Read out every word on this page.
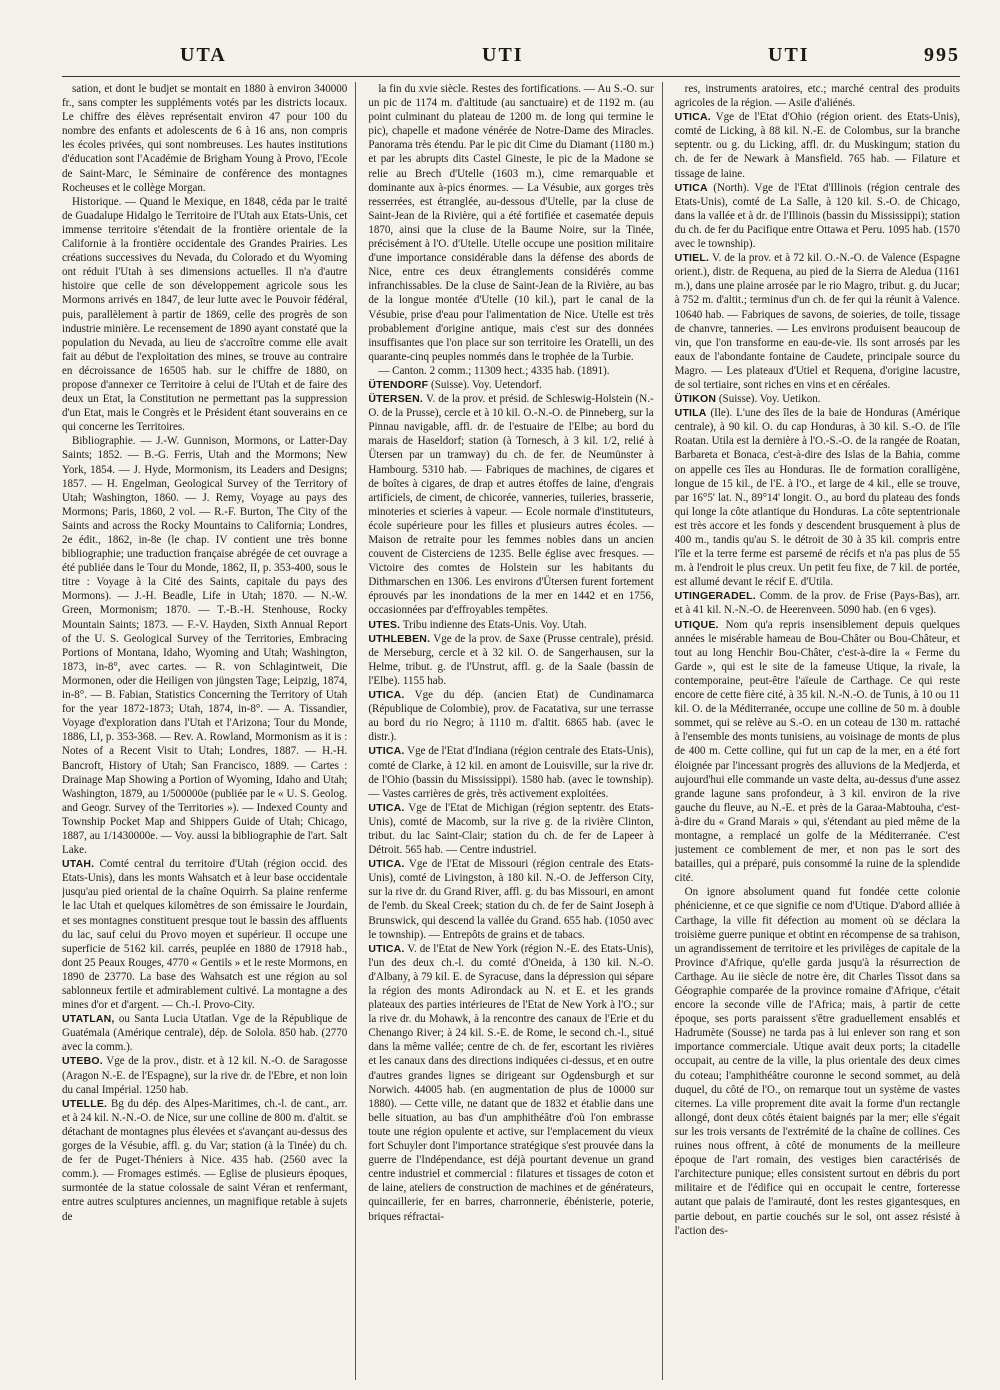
UTA	UTI	UTI	995

sation, et dont le budjet se montait en 1880 à environ 340000 fr., sans compter les suppléments votés par les districts locaux. Le chiffre des élèves représentait environ 47 pour 100 du nombre des enfants et adolescents de 6 à 16 ans, non compris les écoles privées, qui sont nombreuses. Les hautes institutions d'éducation sont l'Académie de Brigham Young à Provo, l'Ecole de Saint-Marc, le Séminaire de conférence des montagnes Rocheuses et le collège Morgan.

Historique. — Quand le Mexique, en 1848, céda par le traité de Guadalupe Hidalgo le Territoire de l'Utah aux Etats-Unis, cet immense territoire s'étendait de la frontière orientale de la Californie à la frontière occidentale des Grandes Prairies. Les créations successives du Nevada, du Colorado et du Wyoming ont réduit l'Utah à ses dimensions actuelles. Il n'a d'autre histoire que celle de son développement agricole sous les Mormons arrivés en 1847, de leur lutte avec le Pouvoir fédéral, puis, parallèlement à partir de 1869, celle des progrès de son industrie minière. Le recensement de 1890 ayant constaté que la population du Nevada, au lieu de s'accroître comme elle avait fait au début de l'exploitation des mines, se trouve au contraire en décroissance de 16505 hab. sur le chiffre de 1880, on propose d'annexer ce Territoire à celui de l'Utah et de faire des deux un Etat, la Constitution ne permettant pas la suppression d'un Etat, mais le Congrès et le Président étant souverains en ce qui concerne les Territoires.

Bibliographie. — J.-W. Gunnison, Mormons, or Latter-Day Saints; 1852. — B.-G. Ferris, Utah and the Mormons; New York, 1854. — J. Hyde, Mormonism, its Leaders and Designs; 1857. — H. Engelman, Geological Survey of the Territory of Utah; Washington, 1860. — J. Remy, Voyage au pays des Mormons; Paris, 1860, 2 vol. — R.-F. Burton, The City of the Saints and across the Rocky Mountains to California; Londres, 2e édit., 1862, in-8e (le chap. IV contient une très bonne bibliographie; une traduction française abrégée de cet ouvrage a été publiée dans le Tour du Monde, 1862, II, p. 353-400, sous le titre : Voyage à la Cité des Saints, capitale du pays des Mormons). — J.-H. Beadle, Life in Utah; 1870. — N.-W. Green, Mormonism; 1870. — T.-B.-H. Stenhouse, Rocky Mountain Saints; 1873. — F.-V. Hayden, Sixth Annual Report of the U. S. Geological Survey of the Territories, Embracing Portions of Montana, Idaho, Wyoming and Utah; Washington, 1873, in-8°, avec cartes. — R. von Schlagintweit, Die Mormonen, oder die Heiligen von jüngsten Tage; Leipzig, 1874, in-8°. — B. Fabian, Statistics Concerning the Territory of Utah for the year 1872-1873; Utah, 1874, in-8°. — A. Tissandier, Voyage d'exploration dans l'Utah et l'Arizona; Tour du Monde, 1886, LI, p. 353-368. — Rev. A. Rowland, Mormonism as it is : Notes of a Recent Visit to Utah; Londres, 1887. — H.-H. Bancroft, History of Utah; San Francisco, 1889. — Cartes : Drainage Map Showing a Portion of Wyoming, Idaho and Utah; Washington, 1879, au 1/500000e (publiée par le « U. S. Geolog. and Geogr. Survey of the Territories »). — Indexed County and Township Pocket Map and Shippers Guide of Utah; Chicago, 1887, au 1/1430000e. — Voy. aussi la bibliographie de l'art. Salt Lake.

UTAH. Comté central du territoire d'Utah (région occid. des Etats-Unis), dans les monts Wahsatch et à leur base occidentale jusqu'au pied oriental de la chaîne Oquirrh. Sa plaine renferme le lac Utah et quelques kilomètres de son émissaire le Jourdain, et ses montagnes constituent presque tout le bassin des affluents du lac, sauf celui du Provo moyen et supérieur. Il occupe une superficie de 5162 kil. carrés, peuplée en 1880 de 17918 hab., dont 25 Peaux Rouges, 4770 « Gentils » et le reste Mormons, en 1890 de 23770. La base des Wahsatch est une région au sol sablonneux fertile et admirablement cultivé. La montagne a des mines d'or et d'argent. — Ch.-l. Provo-City.

UTATLAN, ou Santa Lucia Utatlan. Vge de la République de Guatémala (Amérique centrale), dép. de Solola. 850 hab. (2770 avec la comm.).

UTEBO. Vge de la prov., distr. et à 12 kil. N.-O. de Saragosse (Aragon N.-E. de l'Espagne), sur la rive dr. de l'Ebre, et non loin du canal Impérial. 1250 hab.

UTELLE. Bg du dép. des Alpes-Maritimes, ch.-l. de cant., arr. et à 24 kil. N.-N.-O. de Nice, sur une colline de 800 m. d'altit. se détachant de montagnes plus élevées et s'avançant au-dessus des gorges de la Vésubie, affl. g. du Var; station (à la Tinée) du ch. de fer de Puget-Théniers à Nice. 435 hab. (2560 avec la comm.). — Fromages estimés. — Eglise de plusieurs époques, surmontée de la statue colossale de saint Véran et renfermant, entre autres sculptures anciennes, un magnifique retable à sujets de

la fin du xvie siècle. Restes des fortifications. — Au S.-O. sur un pic de 1174 m. d'altitude (au sanctuaire) et de 1192 m. (au point culminant du plateau de 1200 m. de long qui termine le pic), chapelle et madone vénérée de Notre-Dame des Miracles. Panorama très étendu. Par le pic dit Cime du Diamant (1180 m.) et par les abrupts dits Castel Gineste, le pic de la Madone se relie au Brech d'Utelle (1603 m.), cime remarquable et dominante aux à-pics énormes. — La Vésubie, aux gorges très resserrées, est étranglée, au-dessous d'Utelle, par la cluse de Saint-Jean de la Rivière, qui a été fortifiée et casematée depuis 1870, ainsi que la cluse de la Baume Noire, sur la Tinée, précisément à l'O. d'Utelle. Utelle occupe une position militaire d'une importance considérable dans la défense des abords de Nice, entre ces deux étranglements considérés comme infranchissables. De la cluse de Saint-Jean de la Rivière, au bas de la longue montée d'Utelle (10 kil.), part le canal de la Vésubie, prise d'eau pour l'alimentation de Nice. Utelle est très probablement d'origine antique, mais c'est sur des données insuffisantes que l'on place sur son territoire les Oratelli, un des quarante-cinq peuples nommés dans le trophée de la Turbie.

— Canton. 2 comm.; 11309 hect.; 4335 hab. (1891).

ÜTENDORF (Suisse). Voy. Uetendorf.

ÜTERSEN. V. de la prov. et présid. de Schleswig-Holstein (N.-O. de la Prusse), cercle et à 10 kil. O.-N.-O. de Pinneberg, sur la Pinnau navigable, affl. dr. de l'estuaire de l'Elbe; au bord du marais de Haseldorf; station (à Tornesch, à 3 kil. 1/2, relié à Ütersen par un tramway) du ch. de fer. de Neumünster à Hambourg. 5310 hab. — Fabriques de machines, de cigares et de boîtes à cigares, de drap et autres étoffes de laine, d'engrais artificiels, de ciment, de chicorée, vanneries, tuileries, brasserie, minoteries et scieries à vapeur. — Ecole normale d'instituteurs, école supérieure pour les filles et plusieurs autres écoles. — Maison de retraite pour les femmes nobles dans un ancien couvent de Cisterciens de 1235. Belle église avec fresques. — Victoire des comtes de Holstein sur les habitants du Dithmarschen en 1306. Les environs d'Ütersen furent fortement éprouvés par les inondations de la mer en 1442 et en 1756, occasionnées par d'effroyables tempêtes.

UTES. Tribu indienne des Etats-Unis. Voy. Utah.

UTHLEBEN. Vge de la prov. de Saxe (Prusse centrale), présid. de Merseburg, cercle et à 32 kil. O. de Sangerhausen, sur la Helme, tribut. g. de l'Unstrut, affl. g. de la Saale (bassin de l'Elbe). 1155 hab.

UTICA. Vge du dép. (ancien Etat) de Cundinamarca (République de Colombie), prov. de Facatativa, sur une terrasse au bord du rio Negro; à 1110 m. d'altit. 6865 hab. (avec le distr.).

UTICA. Vge de l'Etat d'Indiana (région centrale des Etats-Unis), comté de Clarke, à 12 kil. en amont de Louisville, sur la rive dr. de l'Ohio (bassin du Mississippi). 1580 hab. (avec le township). — Vastes carrières de grès, très activement exploitées.

UTICA. Vge de l'Etat de Michigan (région septentr. des Etats-Unis), comté de Macomb, sur la rive g. de la rivière Clinton, tribut. du lac Saint-Clair; station du ch. de fer de Lapeer à Détroit. 565 hab. — Centre industriel.

UTICA. Vge de l'Etat de Missouri (région centrale des Etats-Unis), comté de Livingston, à 180 kil. N.-O. de Jefferson City, sur la rive dr. du Grand River, affl. g. du bas Missouri, en amont de l'emb. du Skeal Creek; station du ch. de fer de Saint Joseph à Brunswick, qui descend la vallée du Grand. 655 hab. (1050 avec le township). — Entrepôts de grains et de tabacs.

UTICA. V. de l'Etat de New York (région N.-E. des Etats-Unis), l'un des deux ch.-l. du comté d'Oneida, à 130 kil. N.-O. d'Albany, à 79 kil. E. de Syracuse, dans la dépression qui sépare la région des monts Adirondack au N. et E. et les grands plateaux des parties intérieures de l'Etat de New York à l'O.; sur la rive dr. du Mohawk, à la rencontre des canaux de l'Erie et du Chenango River; à 24 kil. S.-E. de Rome, le second ch.-l., situé dans la même vallée; centre de ch. de fer, escortant les rivières et les canaux dans des directions indiquées ci-dessus, et en outre d'autres grandes lignes se dirigeant sur Ogdensburgh et sur Norwich. 44005 hab. (en augmentation de plus de 10000 sur 1880). — Cette ville, ne datant que de 1832 et établie dans une belle situation, au bas d'un amphithéâtre d'où l'on embrasse toute une région opulente et active, sur l'emplacement du vieux fort Schuyler dont l'importance stratégique s'est prouvée dans la guerre de l'Indépendance, est déjà pourtant devenue un grand centre industriel et commercial : filatures et tissages de coton et de laine, ateliers de construction de machines et de générateurs, quincaillerie, fer en barres, charronnerie, ébénisterie, poterie, briques réfractai-

res, instruments aratoires, etc.; marché central des produits agricoles de la région. — Asile d'aliénés.

UTICA. Vge de l'Etat d'Ohio (région orient. des Etats-Unis), comté de Licking, à 88 kil. N.-E. de Colombus, sur la branche septentr. ou g. du Licking, affl. dr. du Muskingum; station du ch. de fer de Newark à Mansfield. 765 hab. — Filature et tissage de laine.

UTICA (North). Vge de l'Etat d'Illinois (région centrale des Etats-Unis), comté de La Salle, à 120 kil. S.-O. de Chicago, dans la vallée et à dr. de l'Illinois (bassin du Mississippi); station du ch. de fer du Pacifique entre Ottawa et Peru. 1095 hab. (1570 avec le township).

UTIEL. V. de la prov. et à 72 kil. O.-N.-O. de Valence (Espagne orient.), distr. de Requena, au pied de la Sierra de Aledua (1161 m.), dans une plaine arrosée par le rio Magro, tribut. g. du Jucar; à 752 m. d'altit.; terminus d'un ch. de fer qui la réunit à Valence. 10640 hab. — Fabriques de savons, de soieries, de toile, tissage de chanvre, tanneries. — Les environs produisent beaucoup de vin, que l'on transforme en eau-de-vie. Ils sont arrosés par les eaux de l'abondante fontaine de Caudete, principale source du Magro. — Les plateaux d'Utiel et Requena, d'origine lacustre, de sol tertiaire, sont riches en vins et en céréales.

ÜTIKON (Suisse). Voy. Uetikon.

UTILA (Ile). L'une des îles de la baie de Honduras (Amérique centrale), à 90 kil. O. du cap Honduras, à 30 kil. S.-O. de l'île Roatan. Utila est la dernière à l'O.-S.-O. de la rangée de Roatan, Barbareta et Bonaca, c'est-à-dire des Islas de la Bahia, comme on appelle ces îles au Honduras. Ile de formation corallígène, longue de 15 kil., de l'E. à l'O., et large de 4 kil., elle se trouve, par 16°5' lat. N., 89°14' longit. O., au bord du plateau des fonds qui longe la côte atlantique du Honduras. La côte septentrionale est très accore et les fonds y descendent brusquement à plus de 400 m., tandis qu'au S. le détroit de 30 à 35 kil. compris entre l'île et la terre ferme est parsemé de récifs et n'a pas plus de 55 m. à l'endroit le plus creux. Un petit feu fixe, de 7 kil. de portée, est allumé devant le récif E. d'Utila.

UTINGERADEL. Comm. de la prov. de Frise (Pays-Bas), arr. et à 41 kil. N.-N.-O. de Heerenveen. 5090 hab. (en 6 vges).

UTIQUE. Nom qu'a repris insensiblement depuis quelques années le misérable hameau de Bou-Châter ou Bou-Châteur, et tout au long Henchir Bou-Châter, c'est-à-dire la « Ferme du Garde », qui est le site de la fameuse Utique, la rivale, la contemporaine, peut-être l'aïeule de Carthage. Ce qui reste encore de cette fière cité, à 35 kil. N.-N.-O. de Tunis, à 10 ou 11 kil. O. de la Méditerranée, occupe une colline de 50 m. à double sommet, qui se relève au S.-O. en un coteau de 130 m. rattaché à l'ensemble des monts tunisiens, au voisinage de monts de plus de 400 m. Cette colline, qui fut un cap de la mer, en a été fort éloignée par l'incessant progrès des alluvions de la Medjerda, et aujourd'hui elle commande un vaste delta, au-dessus d'une assez grande lagune sans profondeur, à 3 kil. environ de la rive gauche du fleuve, au N.-E. et près de la Garaa-Mabtouha, c'est-à-dire du « Grand Marais » qui, s'étendant au pied même de la montagne, a remplacé un golfe de la Méditerranée. C'est justement ce comblement de mer, et non pas le sort des batailles, qui a préparé, puis consommé la ruine de la splendide cité.

On ignore absolument quand fut fondée cette colonie phénicienne, et ce que signifie ce nom d'Utique. D'abord alliée à Carthage, la ville fit défection au moment où se déclara la troisième guerre punique et obtint en récompense de sa trahison, un agrandissement de territoire et les privilèges de capitale de la Province d'Afrique, qu'elle garda jusqu'à la résurrection de Carthage. Au iie siècle de notre ère, dit Charles Tissot dans sa Géographie comparée de la province romaine d'Afrique, c'était encore la seconde ville de l'Africa; mais, à partir de cette époque, ses ports paraissent s'être graduellement ensablés et Hadrumète (Sousse) ne tarda pas à lui enlever son rang et son importance commerciale. Utique avait deux ports; la citadelle occupait, au centre de la ville, la plus orientale des deux cimes du coteau; l'amphithéâtre couronne le second sommet, au delà duquel, du côté de l'O., on remarque tout un système de vastes citernes. La ville proprement dite avait la forme d'un rectangle allongé, dont deux côtés étaient baignés par la mer; elle s'égait sur les trois versants de l'extrémité de la chaîne de collines. Ces ruines nous offrent, à côté de monuments de la meilleure époque de l'art romain, des vestiges bien caractérisés de l'architecture punique; elles consistent surtout en débris du port militaire et de l'édifice qui en occupait le centre, forteresse autant que palais de l'amirauté, dont les restes gigantesques, en partie debout, en partie couchés sur le sol, ont assez résisté à l'action des-
